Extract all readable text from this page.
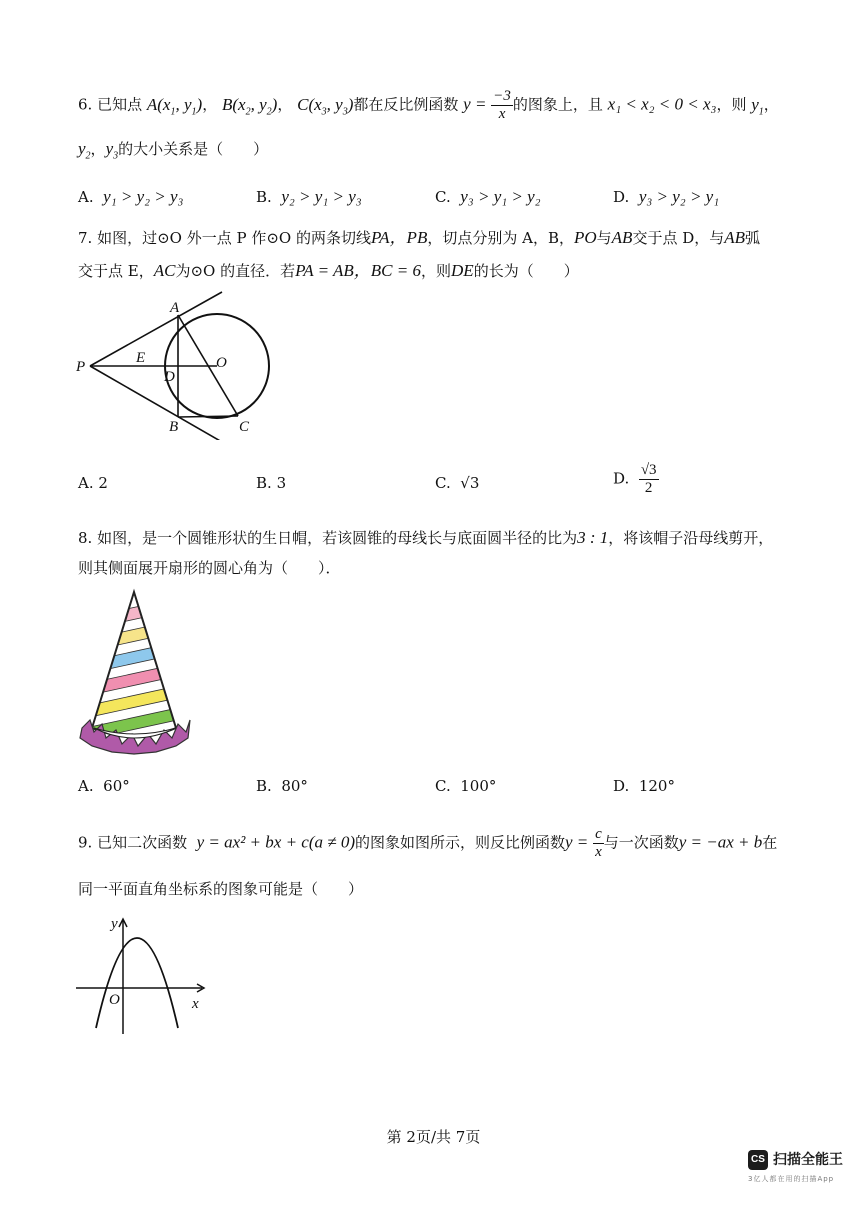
6. 已知点 $A(x_1$, $y_1$)， $B(x_2$, $y_2$)， $C(x_3$, $y_3$)都在反比例函数 $y = \frac{-3}{x}$ 的图象上，且 x₁ < x₂ < 0 < x₃，则 $y_1$，
$y_2$，$y_3$的大小关系是（　　）
A. y₁ > y₂ > y₃	B. y₂ > y₁ > y₃	C. y₃ > y₁ > y₂	D. y₃ > y₂ > y₁
7. 如图，过⊙O 外一点 P 作⊙O 的两条切线PA，PB，切点分别为 A，B，PO与AB交于点 D，与AB弧
交于点 E，AC为⊙O 的直径．若PA = AB，BC = 6，则DE的长为（　　）
A
P
E	O
D
B	C
A. 2	B. 3	C. √3	D. $\frac{√3}{2}$
8. 如图，是一个圆锥形状的生日帽，若该圆锥的母线长与底面圆半径的比为3 : 1，将该帽子沿母线剪开，
则其侧面展开扇形的圆心角为（　　）．
A. 60°	B. 80°	C. 100°	D. 120°
9. 已知二次函数 y = ax² + bx + c(a ≠ 0)的图象如图所示，则反比例函数$y = \frac{c}{x}$ 与一次函数y = −ax + b在
同一平面直角坐标系的图象可能是（　　）
y
x
O
第 2页/共 7页
CS 扫描全能王
3亿人都在用的扫描App
